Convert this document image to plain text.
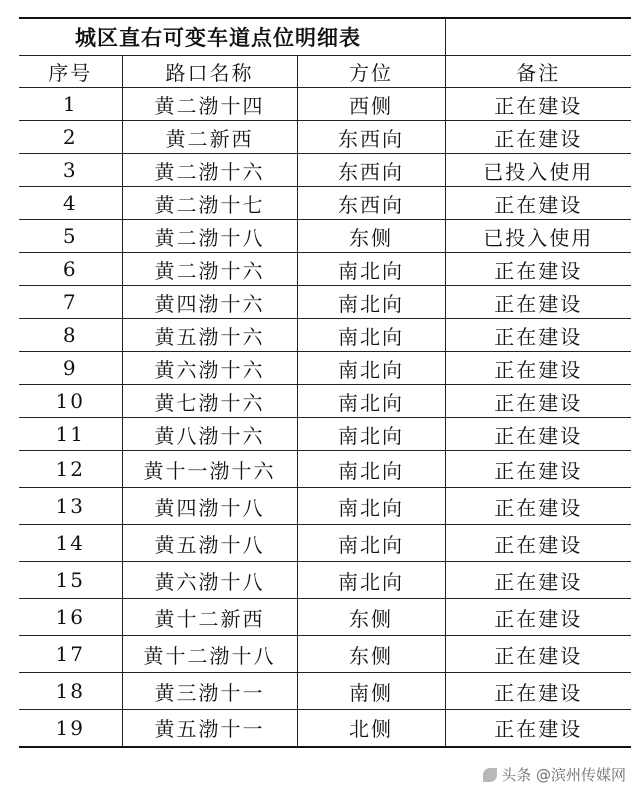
城区直右可变车道点位明细表			
序号	路口名称	方位	备注
1	黄二渤十四	西侧	正在建设
2	黄二新西	东西向	正在建设
3	黄二渤十六	东西向	已投入使用
4	黄二渤十七	东西向	正在建设
5	黄二渤十八	东侧	已投入使用
6	黄二渤十六	南北向	正在建设
7	黄四渤十六	南北向	正在建设
8	黄五渤十六	南北向	正在建设
9	黄六渤十六	南北向	正在建设
10	黄七渤十六	南北向	正在建设
11	黄八渤十六	南北向	正在建设
12	黄十一渤十六	南北向	正在建设
13	黄四渤十八	南北向	正在建设
14	黄五渤十八	南北向	正在建设
15	黄六渤十八	南北向	正在建设
16	黄十二新西	东侧	正在建设
17	黄十二渤十八	东侧	正在建设
18	黄三渤十一	南侧	正在建设
19	黄五渤十一	北侧	正在建设
头条 @滨州传媒网
